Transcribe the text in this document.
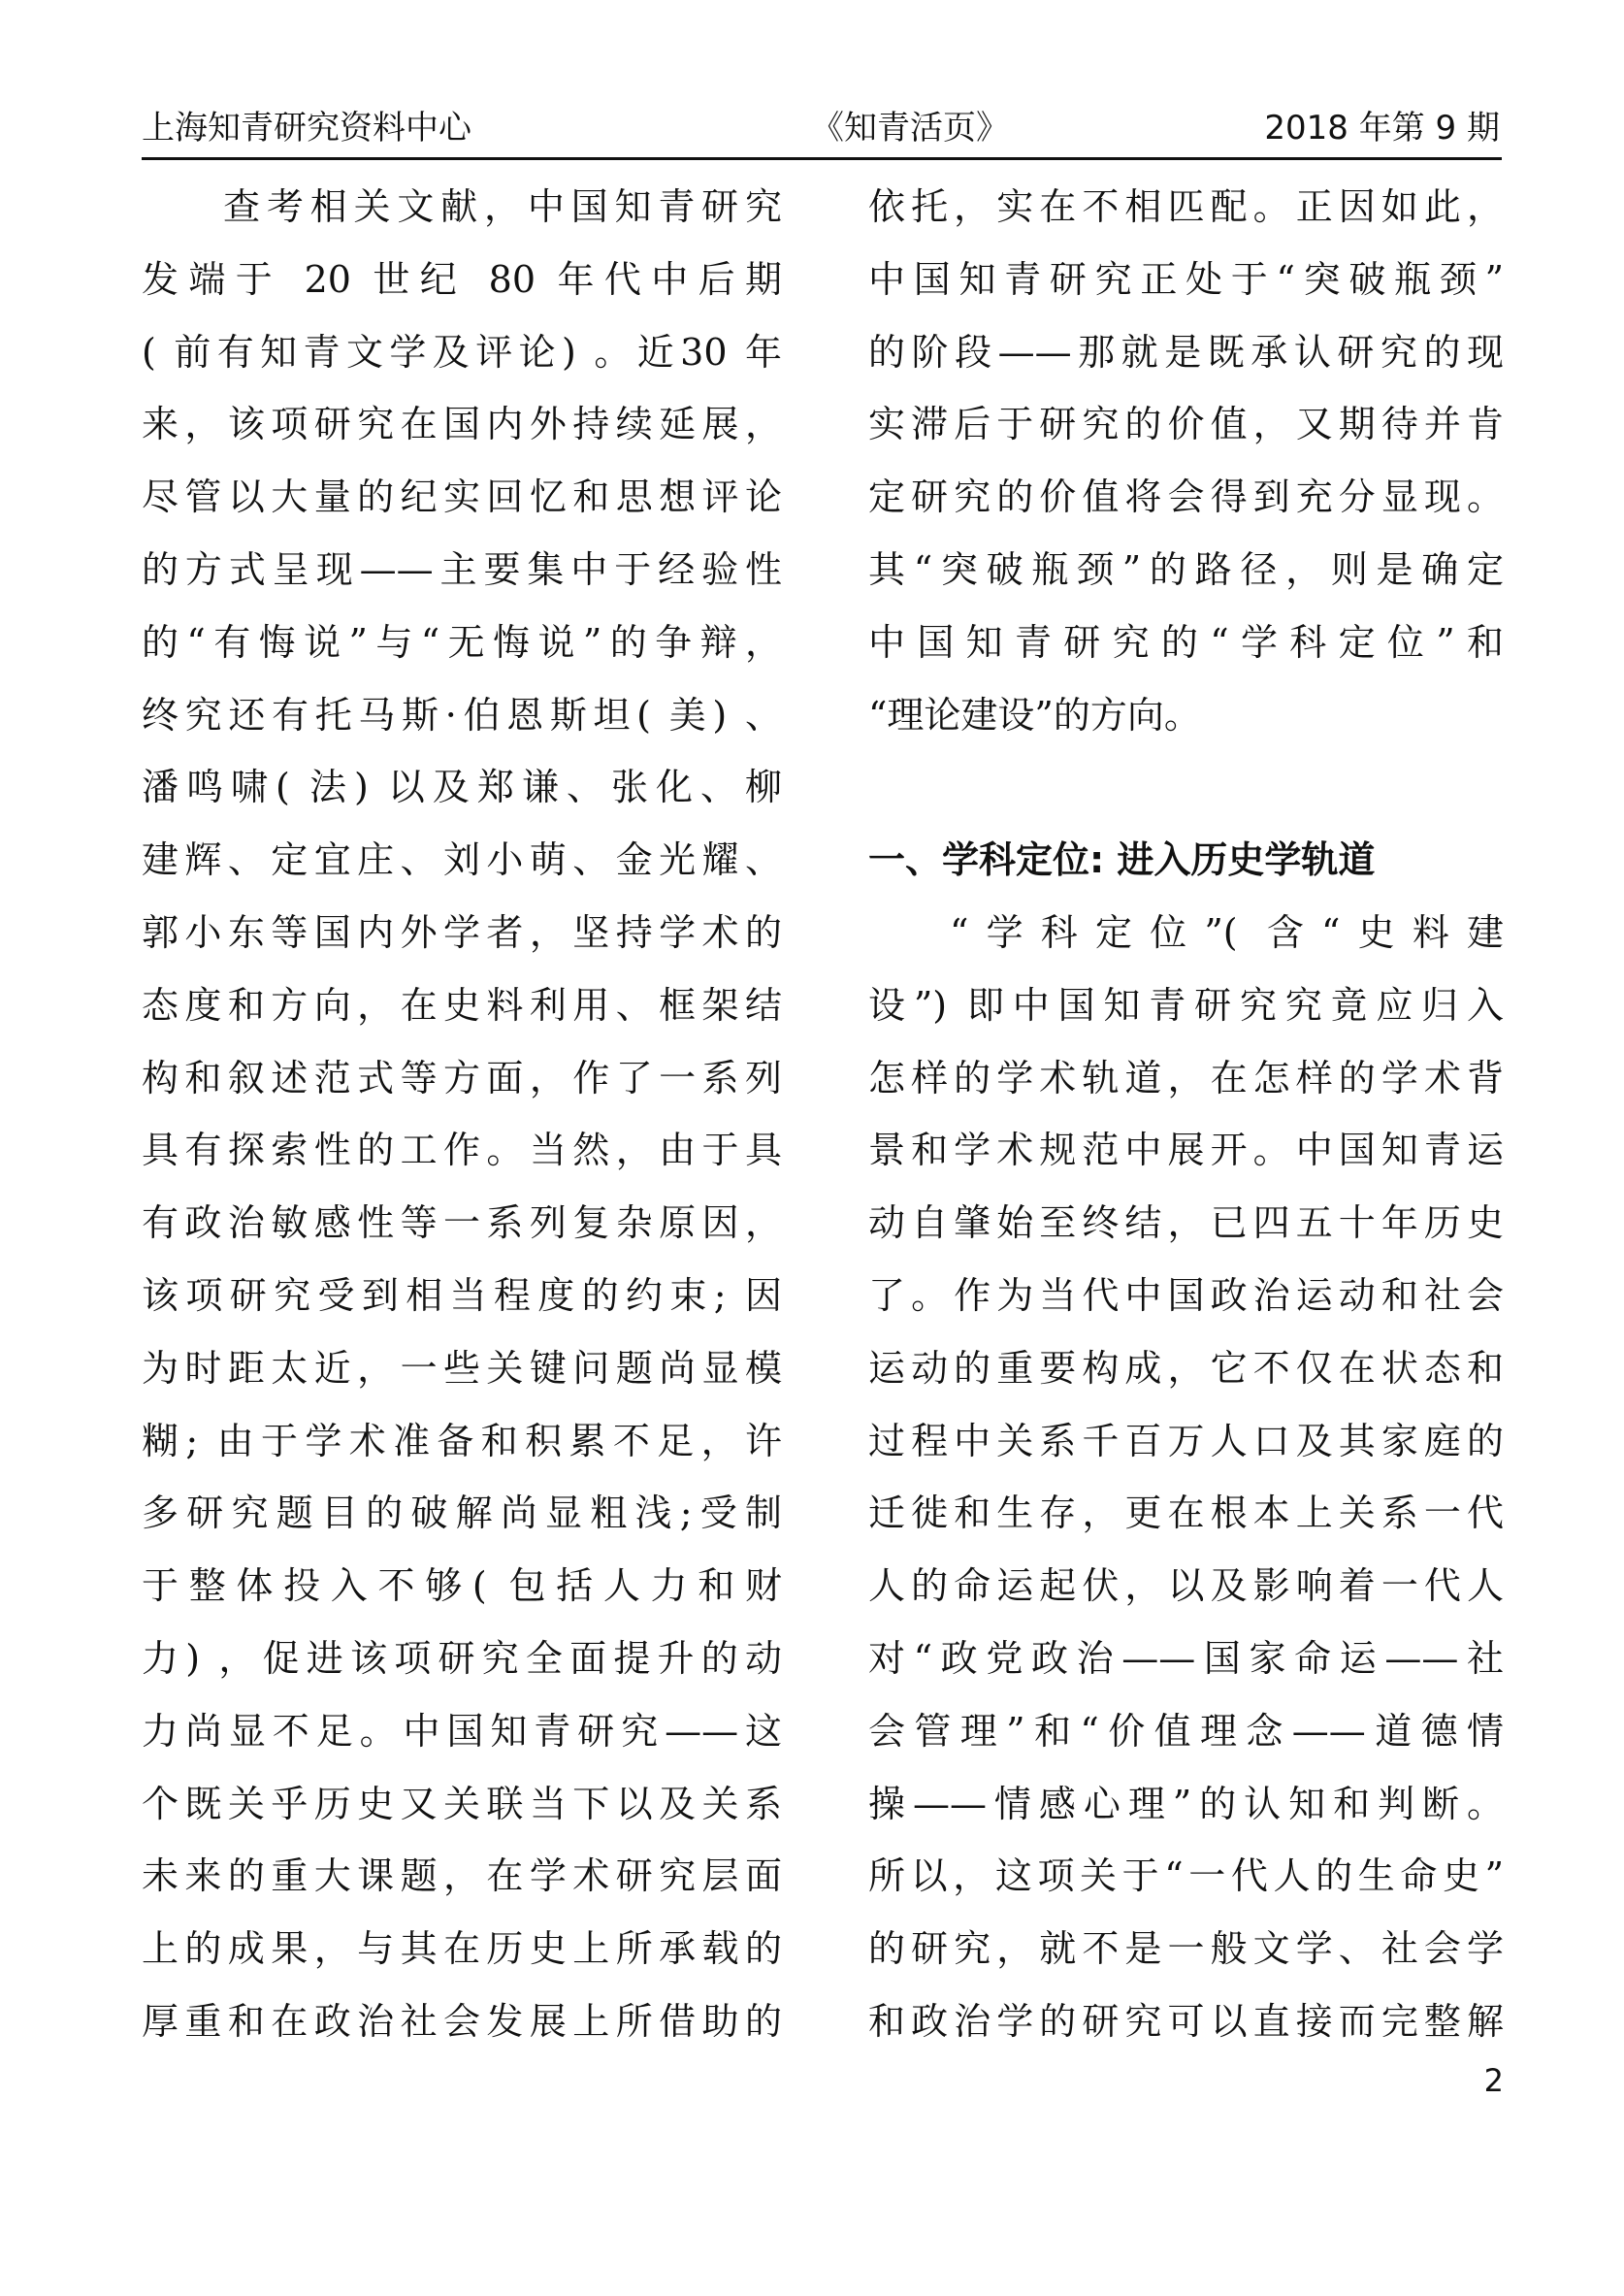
上海知青研究资料中心	《知青活页》	2018 年第 9 期
查考相关文献，中国知青研究
发端于 20 世纪 80 年代中后期
( 前有知青文学及评论) 。近30 年
来，该项研究在国内外持续延展，
尽管以大量的纪实回忆和思想评论
的方式呈现——主要集中于经验性
的“有悔说”与“无悔说”的争辩，
终究还有托马斯·伯恩斯坦( 美) 、
潘鸣啸( 法) 以及郑谦、张化、柳
建辉、定宜庄、刘小萌、金光耀、
郭小东等国内外学者，坚持学术的
态度和方向，在史料利用、框架结
构和叙述范式等方面，作了一系列
具有探索性的工作。当然，由于具
有政治敏感性等一系列复杂原因，
该项研究受到相当程度的约束; 因
为时距太近，一些关键问题尚显模
糊; 由于学术准备和积累不足，许
多研究题目的破解尚显粗浅;受制
于整体投入不够( 包括人力和财
力) ，促进该项研究全面提升的动
力尚显不足。中国知青研究——这
个既关乎历史又关联当下以及关系
未来的重大课题，在学术研究层面
上的成果，与其在历史上所承载的
厚重和在政治社会发展上所借助的
依托，实在不相匹配。正因如此，
中国知青研究正处于“突破瓶颈”
的阶段——那就是既承认研究的现
实滞后于研究的价值，又期待并肯
定研究的价值将会得到充分显现。
其“突破瓶颈”的路径，则是确定
中国知青研究的“学科定位”和
“理论建设”的方向。
一、学科定位: 进入历史学轨道
“学科定位”( 含“史料建
设”) 即中国知青研究究竟应归入
怎样的学术轨道，在怎样的学术背
景和学术规范中展开。中国知青运
动自肇始至终结，已四五十年历史
了。作为当代中国政治运动和社会
运动的重要构成，它不仅在状态和
过程中关系千百万人口及其家庭的
迁徙和生存，更在根本上关系一代
人的命运起伏，以及影响着一代人
对“政党政治——国家命运——社
会管理”和“价值理念——道德情
操——情感心理”的认知和判断。
所以，这项关于“一代人的生命史”
的研究，就不是一般文学、社会学
和政治学的研究可以直接而完整解
2
